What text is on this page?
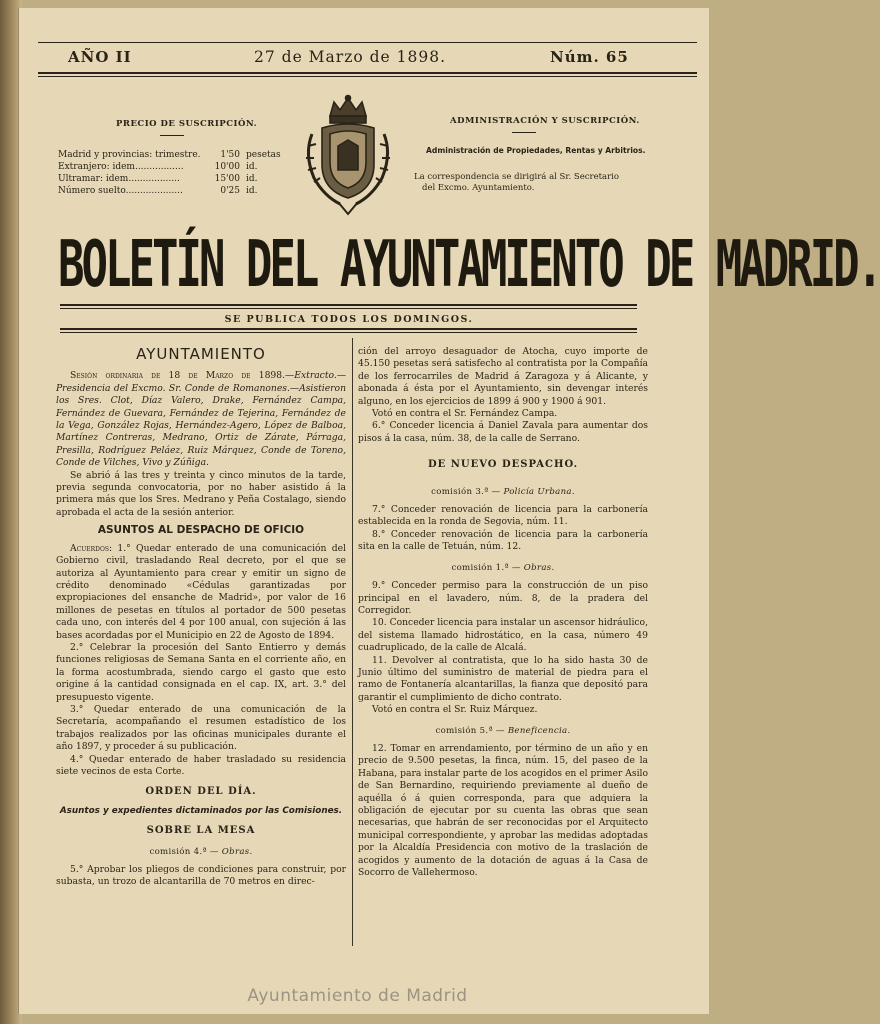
AÑO II	27 de Marzo de 1898.	Núm. 65
PRECIO DE SUSCRIPCIÓN.
Madrid y provincias: trimestre.	1'50 pesetas
Extranjero: idem.................	10'00 id.
Ultramar: idem..................	15'00 id.
Número suelto....................	0'25 id.
ADMINISTRACIÓN Y SUSCRIPCIÓN.
Administración de Propiedades, Rentas y Arbitrios.
La correspondencia se dirigirá al Sr. Secretario
del Excmo. Ayuntamiento.
BOLETÍN DEL AYUNTAMIENTO DE MADRID.
SE PUBLICA TODOS LOS DOMINGOS.
AYUNTAMIENTO

Sesión ordinaria de 18 de Marzo de 1898.—Extracto.—Presidencia del Excmo. Sr. Conde de Romanones.—Asistieron los Sres. Clot, Díaz Valero, Drake, Fernández Campa, Fernández de Guevara, Fernández de Tejerina, Fernández de la Vega, González Rojas, Hernández-Agero, López de Balboa, Martínez Contreras, Medrano, Ortiz de Zárate, Párraga, Presilla, Rodríguez Peláez, Ruiz Márquez, Conde de Toreno, Conde de Vilches, Vivo y Zúñiga.

Se abrió á las tres y treinta y cinco minutos de la tarde, previa segunda convocatoria, por no haber asistido á la primera más que los Sres. Medrano y Peña Costalago, siendo aprobada el acta de la sesión anterior.

ASUNTOS AL DESPACHO DE OFICIO

Acuerdos: 1.° Quedar enterado de una comunicación del Gobierno civil, trasladando Real decreto, por el que se autoriza al Ayuntamiento para crear y emitir un signo de crédito denominado «Cédulas garantizadas por expropiaciones del ensanche de Madrid», por valor de 16 millones de pesetas en títulos al portador de 500 pesetas cada uno, con interés del 4 por 100 anual, con sujeción á las bases acordadas por el Municipio en 22 de Agosto de 1894.

2.° Celebrar la procesión del Santo Entierro y demás funciones religiosas de Semana Santa en el corriente año, en la forma acostumbrada, siendo cargo el gasto que esto origine á la cantidad consignada en el cap. IX, art. 3.° del presupuesto vigente.

3.° Quedar enterado de una comunicación de la Secretaría, acompañando el resumen estadístico de los trabajos realizados por las oficinas municipales durante el año 1897, y proceder á su publicación.

4.° Quedar enterado de haber trasladado su residencia siete vecinos de esta Corte.

ORDEN DEL DÍA.
Asuntos y expedientes dictaminados por las Comisiones.
SOBRE LA MESA
comisión 4.ª — Obras.

5.° Aprobar los pliegos de condiciones para construir, por subasta, un trozo de alcantarilla de 70 metros en direc-

ción del arroyo desaguador de Atocha, cuyo importe de 45.150 pesetas será satisfecho al contratista por la Compañía de los ferrocarriles de Madrid á Zaragoza y á Alicante, y abonada á ésta por el Ayuntamiento, sin devengar interés alguno, en los ejercicios de 1899 á 900 y 1900 á 901.

Votó en contra el Sr. Fernández Campa.

6.° Conceder licencia á Daniel Zavala para aumentar dos pisos á la casa, núm. 38, de la calle de Serrano.

DE NUEVO DESPACHO.
comisión 3.ª — Policía Urbana.

7.° Conceder renovación de licencia para la carbonería establecida en la ronda de Segovia, núm. 11.

8.° Conceder renovación de licencia para la carbonería sita en la calle de Tetuán, núm. 12.

comisión 1.ª — Obras.

9.° Conceder permiso para la construcción de un piso principal en el lavadero, núm. 8, de la pradera del Corregidor.

10. Conceder licencia para instalar un ascensor hidráulico, del sistema llamado hidrostático, en la casa, número 49 cuadruplicado, de la calle de Alcalá.

11. Devolver al contratista, que lo ha sido hasta 30 de Junio último del suministro de material de piedra para el ramo de Fontanería alcantarillas, la fianza que depositó para garantir el cumplimiento de dicho contrato.

Votó en contra el Sr. Ruiz Márquez.

comisión 5.ª — Beneficencia.

12. Tomar en arrendamiento, por término de un año y en precio de 9.500 pesetas, la finca, núm. 15, del paseo de la Habana, para instalar parte de los acogidos en el primer Asilo de San Bernardino, requiriendo previamente al dueño de aquélla ó á quien corresponda, para que adquiera la obligación de ejecutar por su cuenta las obras que sean necesarias, que habrán de ser reconocidas por el Arquitecto municipal correspondiente, y aprobar las medidas adoptadas por la Alcaldía Presidencia con motivo de la traslación de acogidos y aumento de la dotación de aguas á la Casa de Socorro de Vallehermoso.

Ayuntamiento de Madrid
